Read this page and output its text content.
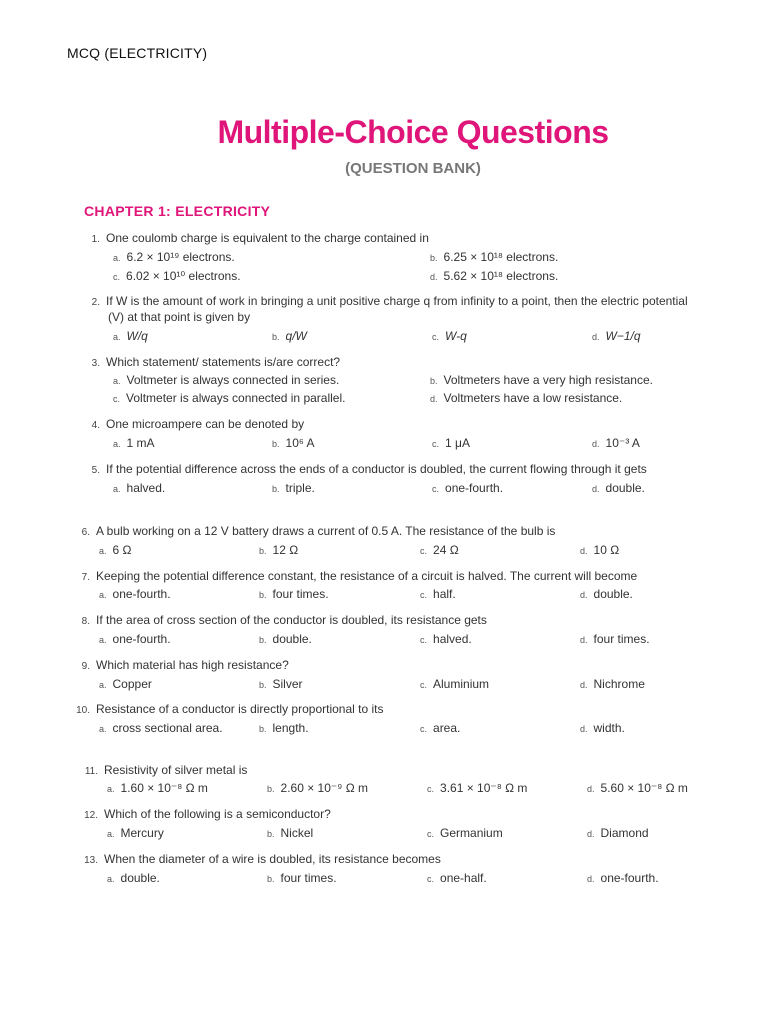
MCQ (ELECTRICITY)
Multiple-Choice Questions
(QUESTION BANK)
CHAPTER 1: ELECTRICITY
1. One coulomb charge is equivalent to the charge contained in
a. 6.2 × 10¹⁹ electrons.	b. 6.25 × 10¹⁸ electrons.
c. 6.02 × 10¹⁰ electrons.	d. 5.62 × 10¹⁸ electrons.
2. If W is the amount of work in bringing a unit positive charge q from infinity to a point, then the electric potential
(V) at that point is given by
a. W/q	b. q/W	c. W-q	d. W−1/q
3. Which statement/ statements is/are correct?
a. Voltmeter is always connected in series.	b. Voltmeters have a very high resistance.
c. Voltmeter is always connected in parallel.	d. Voltmeters have a low resistance.
4. One microampere can be denoted by
a. 1 mA	b. 10⁶ A	c. 1 μA	d. 10⁻³ A
5. If the potential difference across the ends of a conductor is doubled, the current flowing through it gets
a. halved.	b. triple.	c. one-fourth.	d. double.
6. A bulb working on a 12 V battery draws a current of 0.5 A. The resistance of the bulb is
a. 6 Ω	b. 12 Ω	c. 24 Ω	d. 10 Ω
7. Keeping the potential difference constant, the resistance of a circuit is halved. The current will become
a. one-fourth.	b. four times.	c. half.	d. double.
8. If the area of cross section of the conductor is doubled, its resistance gets
a. one-fourth.	b. double.	c. halved.	d. four times.
9. Which material has high resistance?
a. Copper	b. Silver	c. Aluminium	d. Nichrome
10. Resistance of a conductor is directly proportional to its
a. cross sectional area.	b. length.	c. area.	d. width.
11. Resistivity of silver metal is
a. 1.60 × 10⁻⁸ Ω m	b. 2.60 × 10⁻⁹ Ω m	c. 3.61 × 10⁻⁸ Ω m	d. 5.60 × 10⁻⁸ Ω m
12. Which of the following is a semiconductor?
a. Mercury	b. Nickel	c. Germanium	d. Diamond
13. When the diameter of a wire is doubled, its resistance becomes
a. double.	b. four times.	c. one-half.	d. one-fourth.
